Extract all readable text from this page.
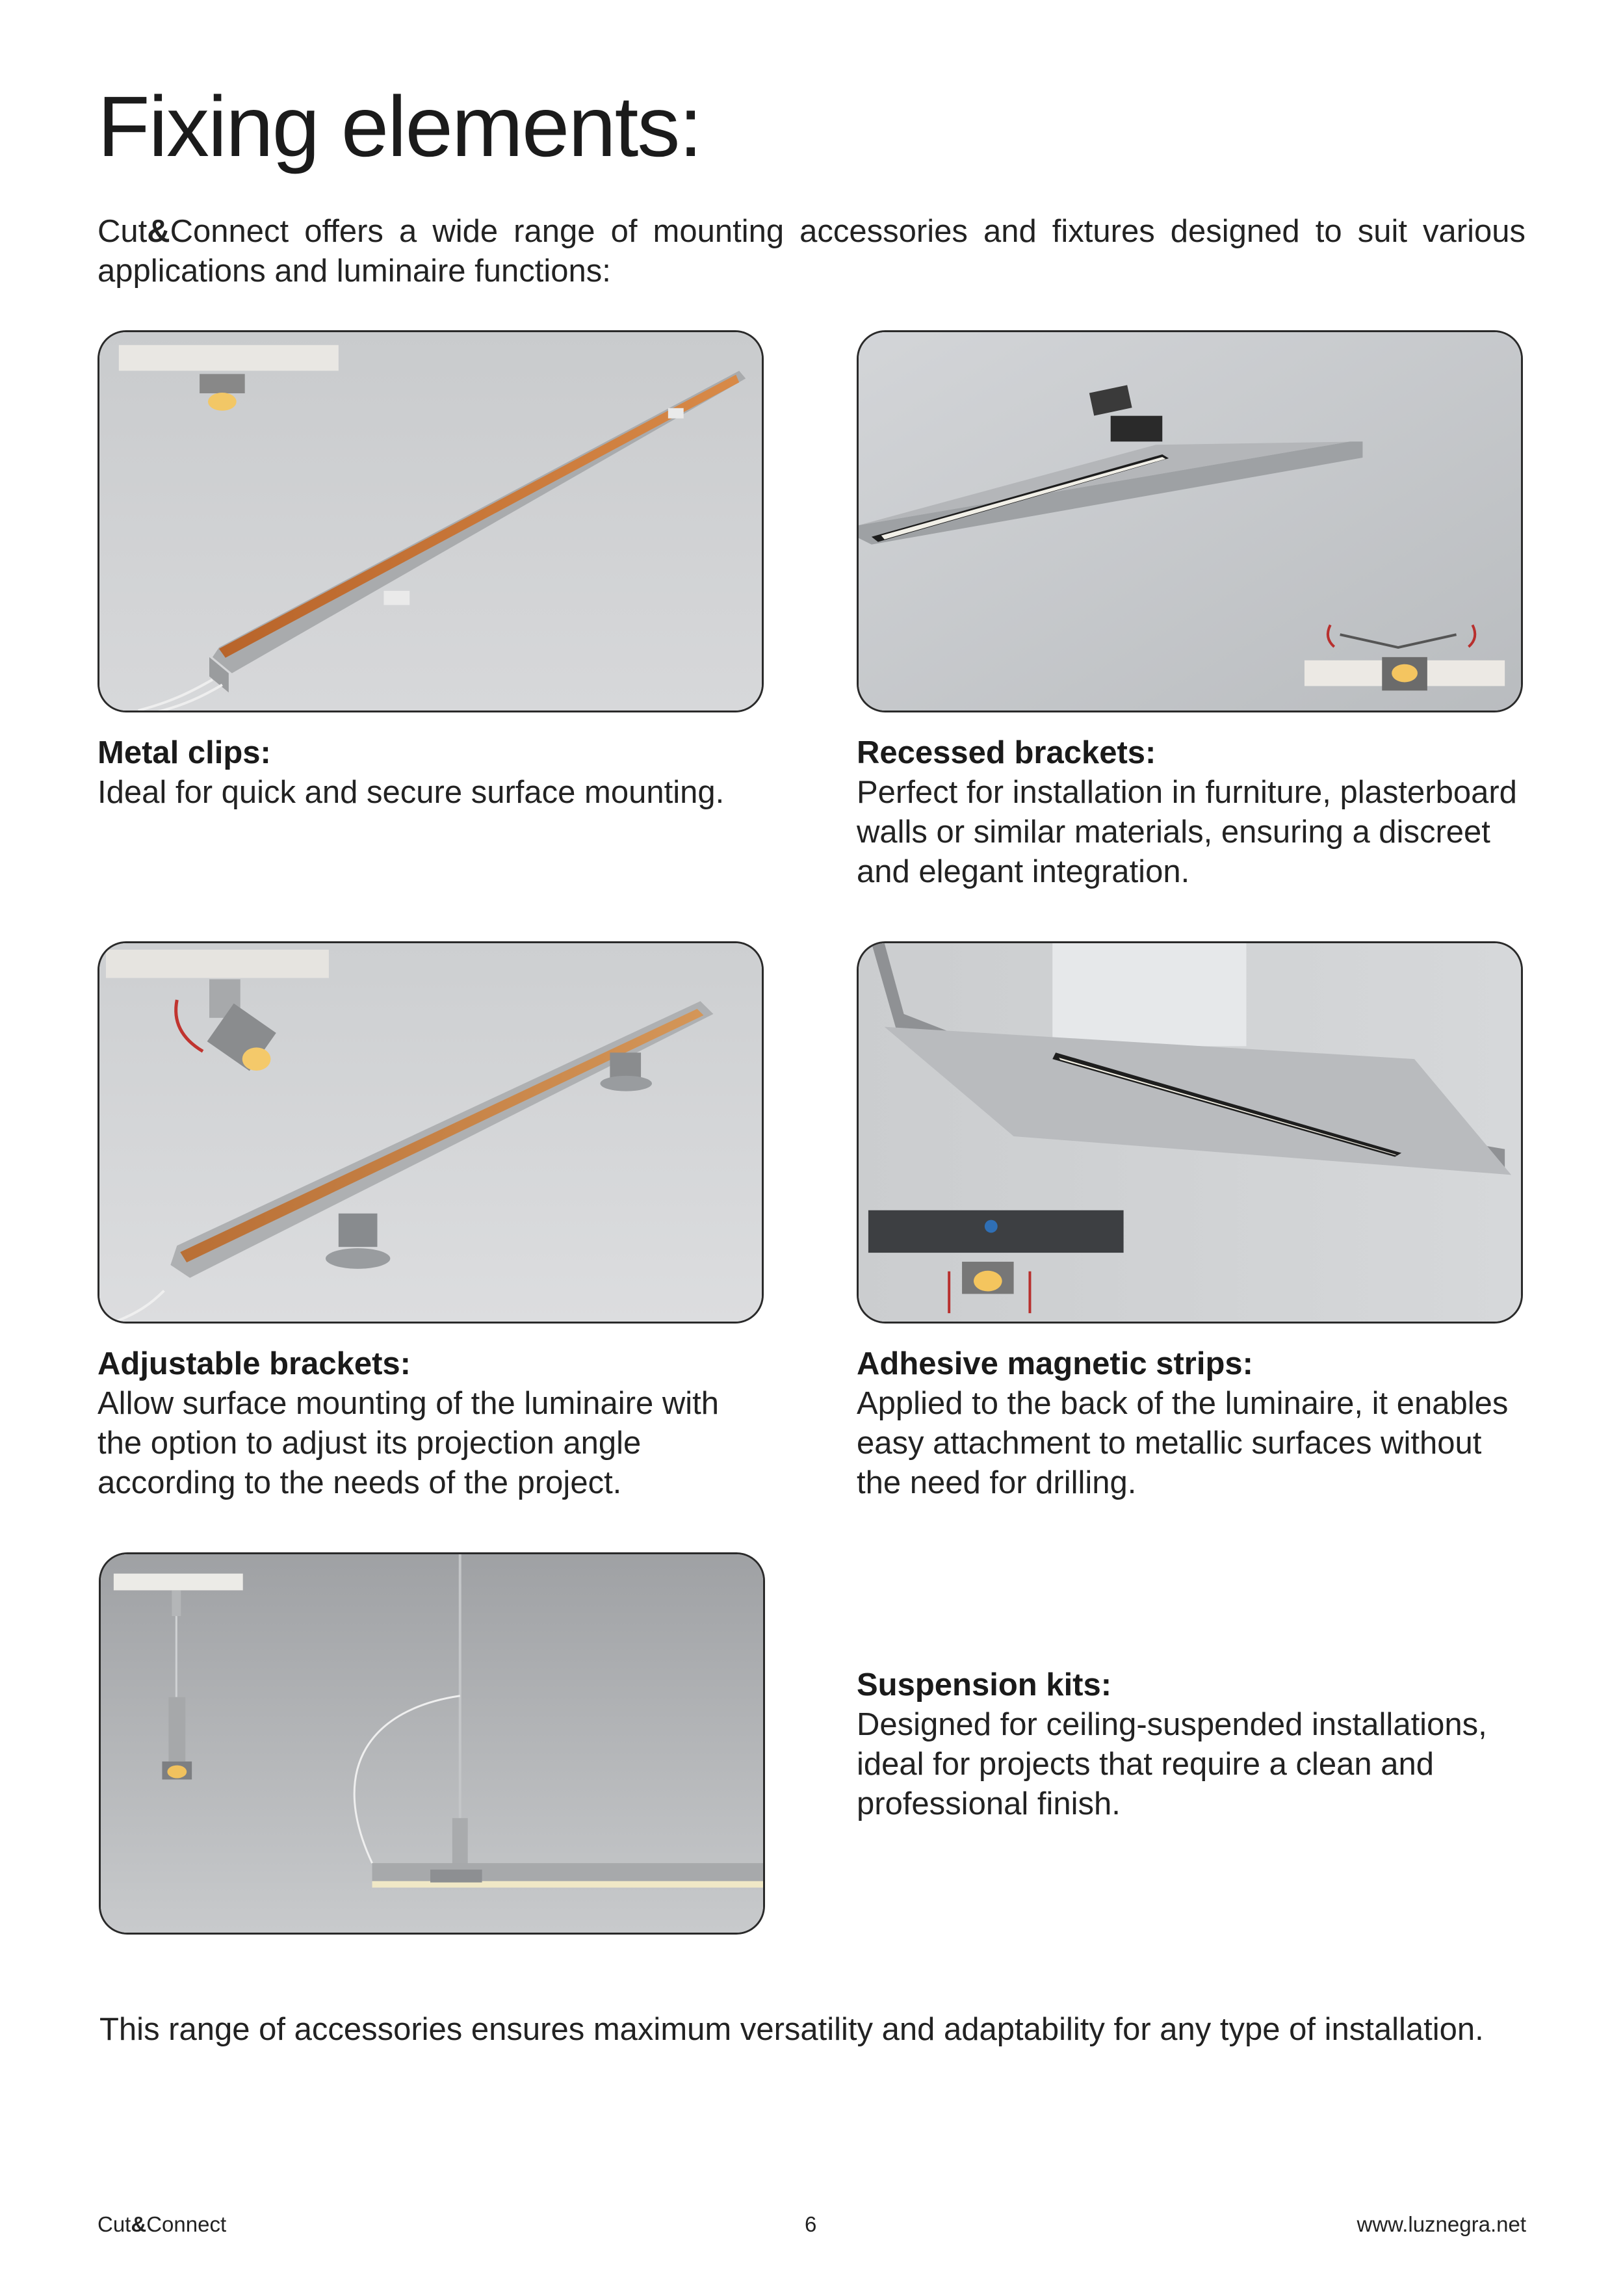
Fixing elements:

Cut&Connect offers a wide range of mounting accessories and fixtures designed to suit various applications and luminaire functions:

Metal clips:

Ideal for quick and secure surface mounting.

Recessed brackets:

Perfect for installation in furniture, plasterboard walls or similar materials, ensuring a discreet and elegant integration.

Adjustable brackets:

Allow surface mounting of the luminaire with the option to adjust its projection angle according to the needs of the project.

Adhesive magnetic strips:

Applied to the back of the luminaire, it enables easy attachment to metallic surfaces without the need for drilling.

Suspension kits:

Designed for ceiling-suspended installations, ideal for projects that require a clean and professional finish.

This range of accessories ensures maximum versatility and adaptability for any type of installation.

Cut&Connect	6	www.luznegra.net
